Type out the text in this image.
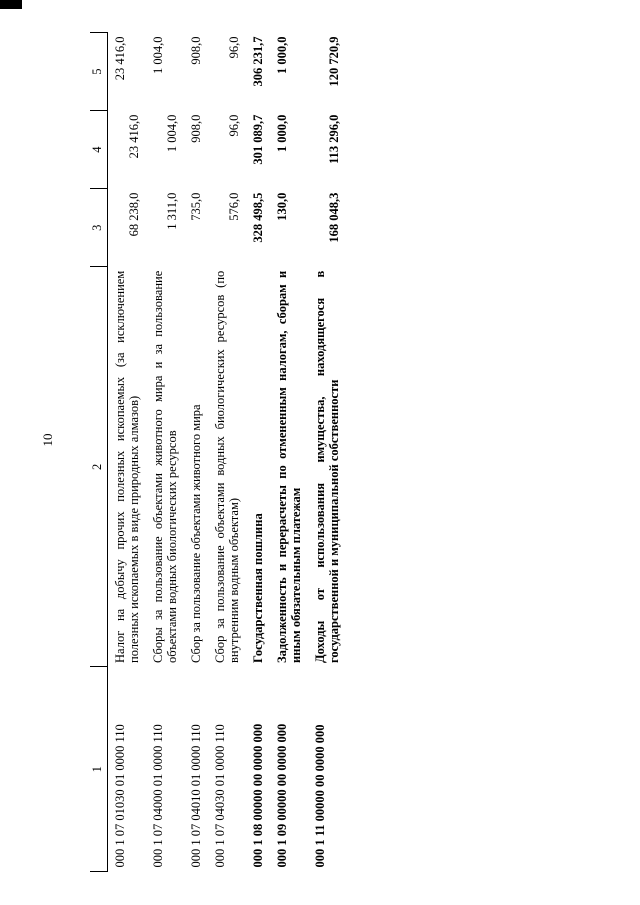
10
1	2	3	4	5
000 1 07 01030 01 0000 110	Налог на добычу прочих полезных ископаемых (за исключением полезных ископаемых в виде природных алмазов)	68 238,0	23 416,0	23 416,0
000 1 07 04000 01 0000 110	Сборы за пользование объектами животного мира и за пользование объектами водных биологических ресурсов	1 311,0	1 004,0	1 004,0
000 1 07 04010 01 0000 110	Сбор за пользование объектами животного мира	735,0	908,0	908,0
000 1 07 04030 01 0000 110	Сбор за пользование объектами водных биологических ресурсов (по внутренним водным объектам)	576,0	96,0	96,0
000 1 08 00000 00 0000 000	Государственная пошлина	328 498,5	301 089,7	306 231,7
000 1 09 00000 00 0000 000	Задолженность и перерасчеты по отмененным налогам, сборам и иным обязательным платежам	130,0	1 000,0	1 000,0
000 1 11 00000 00 0000 000	Доходы от использования имущества, находящегося в государственной и муниципальной собственности	168 048,3	113 296,0	120 720,9
